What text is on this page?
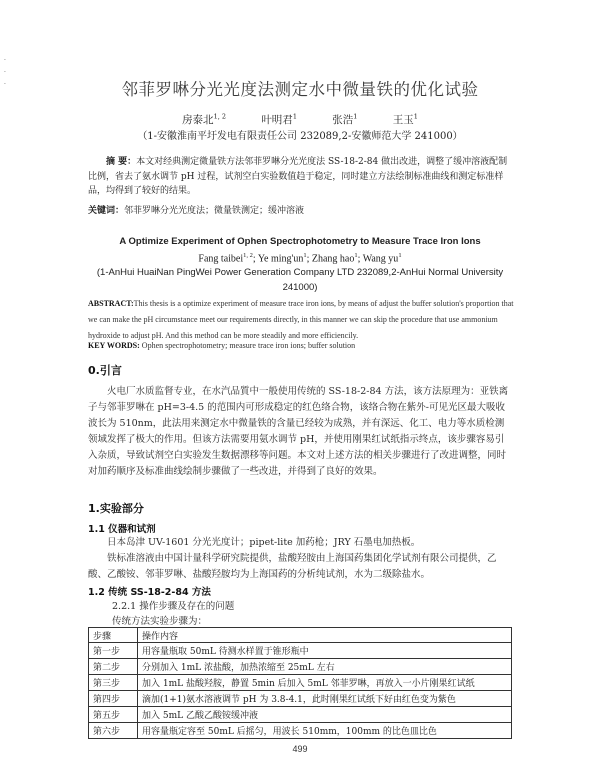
·
·
·	邻菲罗啉分光光度法测定水中微量铁的优化试验
房泰北$^{1, 2}$	叶明君$^1$	张浩$^1$	王玉$^1$
（1-安徽淮南平圩发电有限责任公司 232089,2-安徽师范大学 241000）
摘 要：本文对经典测定微量铁方法邻菲罗啉分光光度法 SS-18-2-84 做出改进，调整了缓冲溶液配制比例，省去了氨水调节 pH 过程，试剂空白实验数值趋于稳定，同时建立方法绘制标准曲线和测定标准样品，均得到了较好的结果。
关键词：邻菲罗啉分光光度法；微量铁测定；缓冲溶液
A Optimize Experiment of Ophen Spectrophotometry to Measure Trace Iron Ions
Fang taibei$^{1, 2}$; Ye $\min g'un^1$; Zhang hao$^1$; Wang $yu^1$
(1-AnHui HuaiNan PingWei Power Generation Company LTD 232089,2-AnHui Normal University 241000)
ABSTRACT:This thesis is a optimize experiment of measure trace iron ions, by means of adjust the buffer solution's proportion that we can make the pH circumstance meet our requirements directly, in this manner we can skip the procedure that use ammonium hydroxide to adjust pH. And this method can be more steadily and more efficiencily.
KEY WORDS: Ophen spectrophotometry; measure trace iron ions; buffer solution
0.引言
火电厂水质监督专业，在水汽品質中一般使用传统的 SS-18-2-84 方法，该方法原理为：亚铁离子与邻菲罗啉在 pH=3-4.5 的范围内可形成稳定的红色络合物，该络合物在紫外-可见光区最大吸收波长为 510nm，此法用来测定水中微量铁的含量已经较为成熟，并有深远、化工、电力等水质检测领域发挥了极大的作用。但该方法需要用氨水调节 pH，并使用刚果红试纸指示终点，该步骤容易引入杂质，导致试剂空白实验发生数据漂移等问题。本文对上述方法的相关步骤进行了改进调整，同时对加药顺序及标准曲线绘制步骤做了一些改进，并得到了良好的效果。
1.实验部分
1.1 仪器和试剂
日本岛津 UV-1601 分光光度计；pipet-lite 加药枪；JRY 石墨电加热板。
铁标准溶液由中国计量科学研究院提供，盐酸羟胺由上海国药集团化学试剂有限公司提供，乙酸、乙酸铵、邻菲罗啉、盐酸羟胺均为上海国药的分析纯试剂，水为二级除盐水。
1.2 传统 SS-18-2-84 方法
2.2.1 操作步骤及存在的问题
传统方法实验步骤为：
步骤	操作内容
第一步	用容量瓶取 50mL 待测水样置于锥形瓶中
第二步	分别加入 1mL 浓盐酸，加热浓缩至 25mL 左右
第三步	加入 1mL 盐酸羟胺，静置 5min 后加入 5mL 邻菲罗啉，再放入一小片刚果红试纸
第四步	滴加(1+1)氨水溶液调节 pH 为 3.8-4.1，此时刚果红试纸下好由红色变为紫色
第五步	加入 5mL 乙酸乙酸铵缓冲液
第六步	用容量瓶定容至 50mL 后摇匀，用波长 510mm，100mm 的比色皿比色
499
